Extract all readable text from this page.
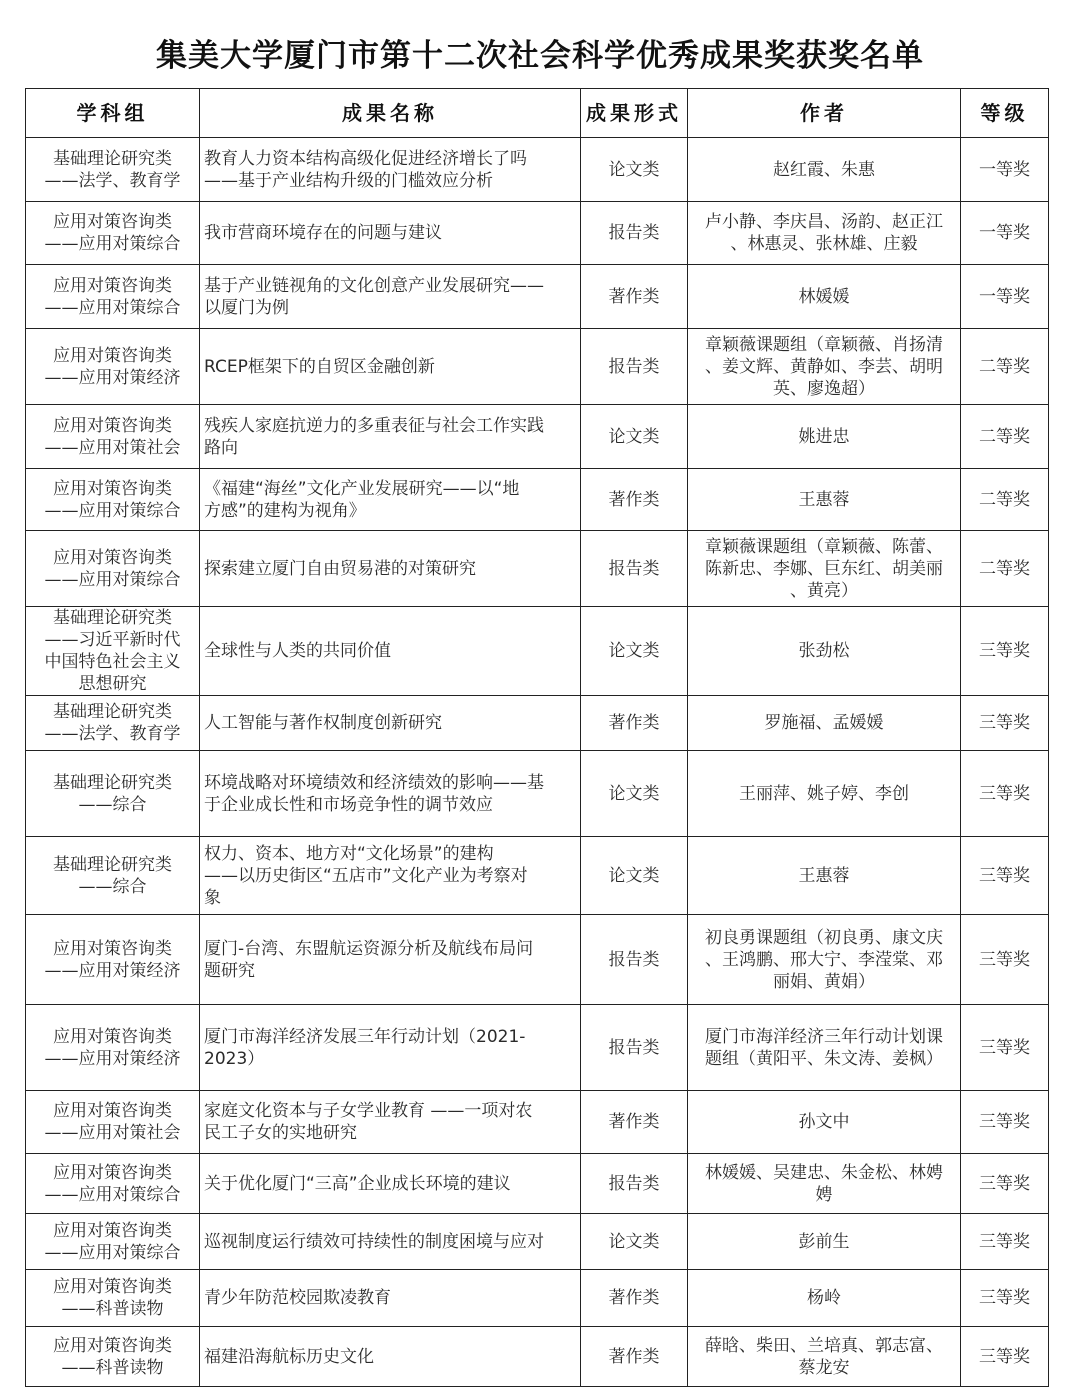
集美大学厦门市第十二次社会科学优秀成果奖获奖名单
学科组	成果名称	成果形式	作者	等级

基础理论研究类
——法学、教育学	教育人力资本结构高级化促进经济增长了吗
——基于产业结构升级的门槛效应分析	论文类	赵红霞、朱惠	一等奖

应用对策咨询类
——应用对策综合	我市营商环境存在的问题与建议	报告类	卢小静、李庆昌、汤韵、赵正江
、林惠灵、张林雄、庄毅	一等奖

应用对策咨询类
——应用对策综合	基于产业链视角的文化创意产业发展研究——
以厦门为例	著作类	林媛媛	一等奖

应用对策咨询类
——应用对策经济	RCEP框架下的自贸区金融创新	报告类	章颖薇课题组（章颖薇、肖扬清
、姜文辉、黄静如、李芸、胡明
英、廖逸超）	二等奖

应用对策咨询类
——应用对策社会	残疾人家庭抗逆力的多重表征与社会工作实践
路向	论文类	姚进忠	二等奖

应用对策咨询类
——应用对策综合	《福建“海丝”文化产业发展研究——以“地
方感”的建构为视角》	著作类	王惠蓉	二等奖

应用对策咨询类
——应用对策综合	探索建立厦门自由贸易港的对策研究	报告类	章颖薇课题组（章颖薇、陈蕾、
陈新忠、李娜、巨东红、胡美丽
、黄亮）	二等奖

基础理论研究类
——习近平新时代
中国特色社会主义
思想研究	全球性与人类的共同价值	论文类	张劲松	三等奖

基础理论研究类
——法学、教育学	人工智能与著作权制度创新研究	著作类	罗施福、孟媛媛	三等奖

基础理论研究类
——综合	环境战略对环境绩效和经济绩效的影响——基
于企业成长性和市场竞争性的调节效应	论文类	王丽萍、姚子婷、李创	三等奖

基础理论研究类
——综合	权力、资本、地方对“文化场景”的建构
——以历史街区“五店市”文化产业为考察对
象	论文类	王惠蓉	三等奖

应用对策咨询类
——应用对策经济	厦门-台湾、东盟航运资源分析及航线布局问
题研究	报告类	初良勇课题组（初良勇、康文庆
、王鸿鹏、邢大宁、李滢棠、邓
丽娟、黄娟）	三等奖

应用对策咨询类
——应用对策经济	厦门市海洋经济发展三年行动计划（2021-
2023）	报告类	厦门市海洋经济三年行动计划课
题组（黄阳平、朱文涛、姜枫）	三等奖

应用对策咨询类
——应用对策社会	家庭文化资本与子女学业教育 ——一项对农
民工子女的实地研究	著作类	孙文中	三等奖

应用对策咨询类
——应用对策综合	关于优化厦门“三高”企业成长环境的建议	报告类	林媛媛、吴建忠、朱金松、林娉
娉	三等奖

应用对策咨询类
——应用对策综合	巡视制度运行绩效可持续性的制度困境与应对	论文类	彭前生	三等奖

应用对策咨询类
——科普读物	青少年防范校园欺凌教育	著作类	杨岭	三等奖

应用对策咨询类
——科普读物	福建沿海航标历史文化	著作类	薛晗、柴田、兰培真、郭志富、
蔡龙安	三等奖
